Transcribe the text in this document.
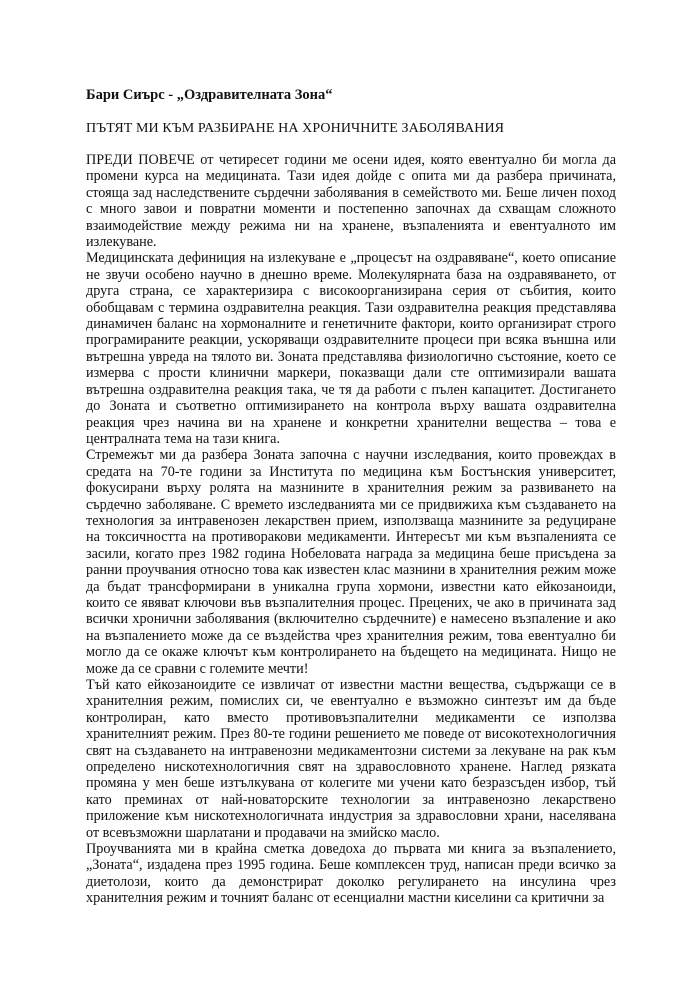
Бари Сиърс - „Оздравителната Зона“
ПЪТЯТ МИ КЪМ РАЗБИРАНЕ НА ХРОНИЧНИТЕ ЗАБОЛЯВАНИЯ

ПРЕДИ ПОВЕЧЕ от четиресет години ме осени идея, която евентуално би могла да промени курса на медицината. Тази идея дойде с опита ми да разбера причината, стояща зад наследствените сърдечни заболявания в семейството ми. Беше личен поход с много завои и повратни моменти и постепенно започнах да схващам сложното взаимодействие между режима ни на хранене, възпаленията и евентуалното им излекуване.

Медицинската дефиниция на излекуване е „процесът на оздравяване“, което описание не звучи особено научно в днешно време. Молекулярната база на оздравяването, от друга страна, се характеризира с високоорганизирана серия от събития, които обобщавам с термина оздравителна реакция. Тази оздравителна реакция представлява динамичен баланс на хормоналните и генетичните фактори, които организират строго програмираните реакции, ускоряващи оздравителните процеси при всяка външна или вътрешна увреда на тялото ви. Зоната представлява физиологично състояние, което се измерва с прости клинични маркери, показващи дали сте оптимизирали вашата вътрешна оздравителна реакция така, че тя да работи с пълен капацитет. Достигането до Зоната и съответно оптимизирането на контрола върху вашата оздравителна реакция чрез начина ви на хранене и конкретни хранителни вещества – това е централната тема на тази книга.

Стремежът ми да разбера Зоната започна с научни изследвания, които провеждах в средата на 70-те години за Института по медицина към Бостънския университет, фокусирани върху ролята на мазнините в хранителния режим за развиването на сърдечно заболяване. С времето изследванията ми се придвижиха към създаването на технология за интравенозен лекарствен прием, използваща мазнините за редуциране на токсичността на противоракови медикаменти. Интересът ми към възпаленията се засили, когато през 1982 година Нобеловата награда за медицина беше присъдена за ранни проучвания относно това как известен клас мазнини в хранителния режим може да бъдат трансформирани в уникална група хормони, известни като ейкозаноиди, които се явяват ключови във възпалителния процес. Прецених, че ако в причината зад всички хронични заболявания (включително сърдечните) е намесено възпаление и ако на възпалението може да се въздейства чрез хранителния режим, това евентуално би могло да се окаже ключът към контролирането на бъдещето на медицината. Нищо не може да се сравни с големите мечти!

Тъй като ейкозаноидите се извличат от известни мастни вещества, съдържащи се в хранителния режим, помислих си, че евентуално е възможно синтезът им да бъде контролиран, като вместо противовъзпалителни медикаменти се използва хранителният режим. През 80-те години решението ме поведе от високотехнологичния свят на създаването на интравенозни медикаментозни системи за лекуване на рак към определено нискотехнологичния свят на здравословното хранене. Наглед рязката промяна у мен беше изтълкувана от колегите ми учени като безразсъден избор, тъй като преминах от най-новаторските технологии за интравенозно лекарствено приложение към нискотехнологичната индустрия за здравословни храни, населявана от всевъзможни шарлатани и продавачи на змийско масло.

Проучванията ми в крайна сметка доведоха до първата ми книга за възпалението, „Зоната“, издадена през 1995 година. Беше комплексен труд, написан преди всичко за диетолози, които да демонстрират доколко регулирането на инсулина чрез хранителния режим и точният баланс от есенциални мастни киселини са критични за
